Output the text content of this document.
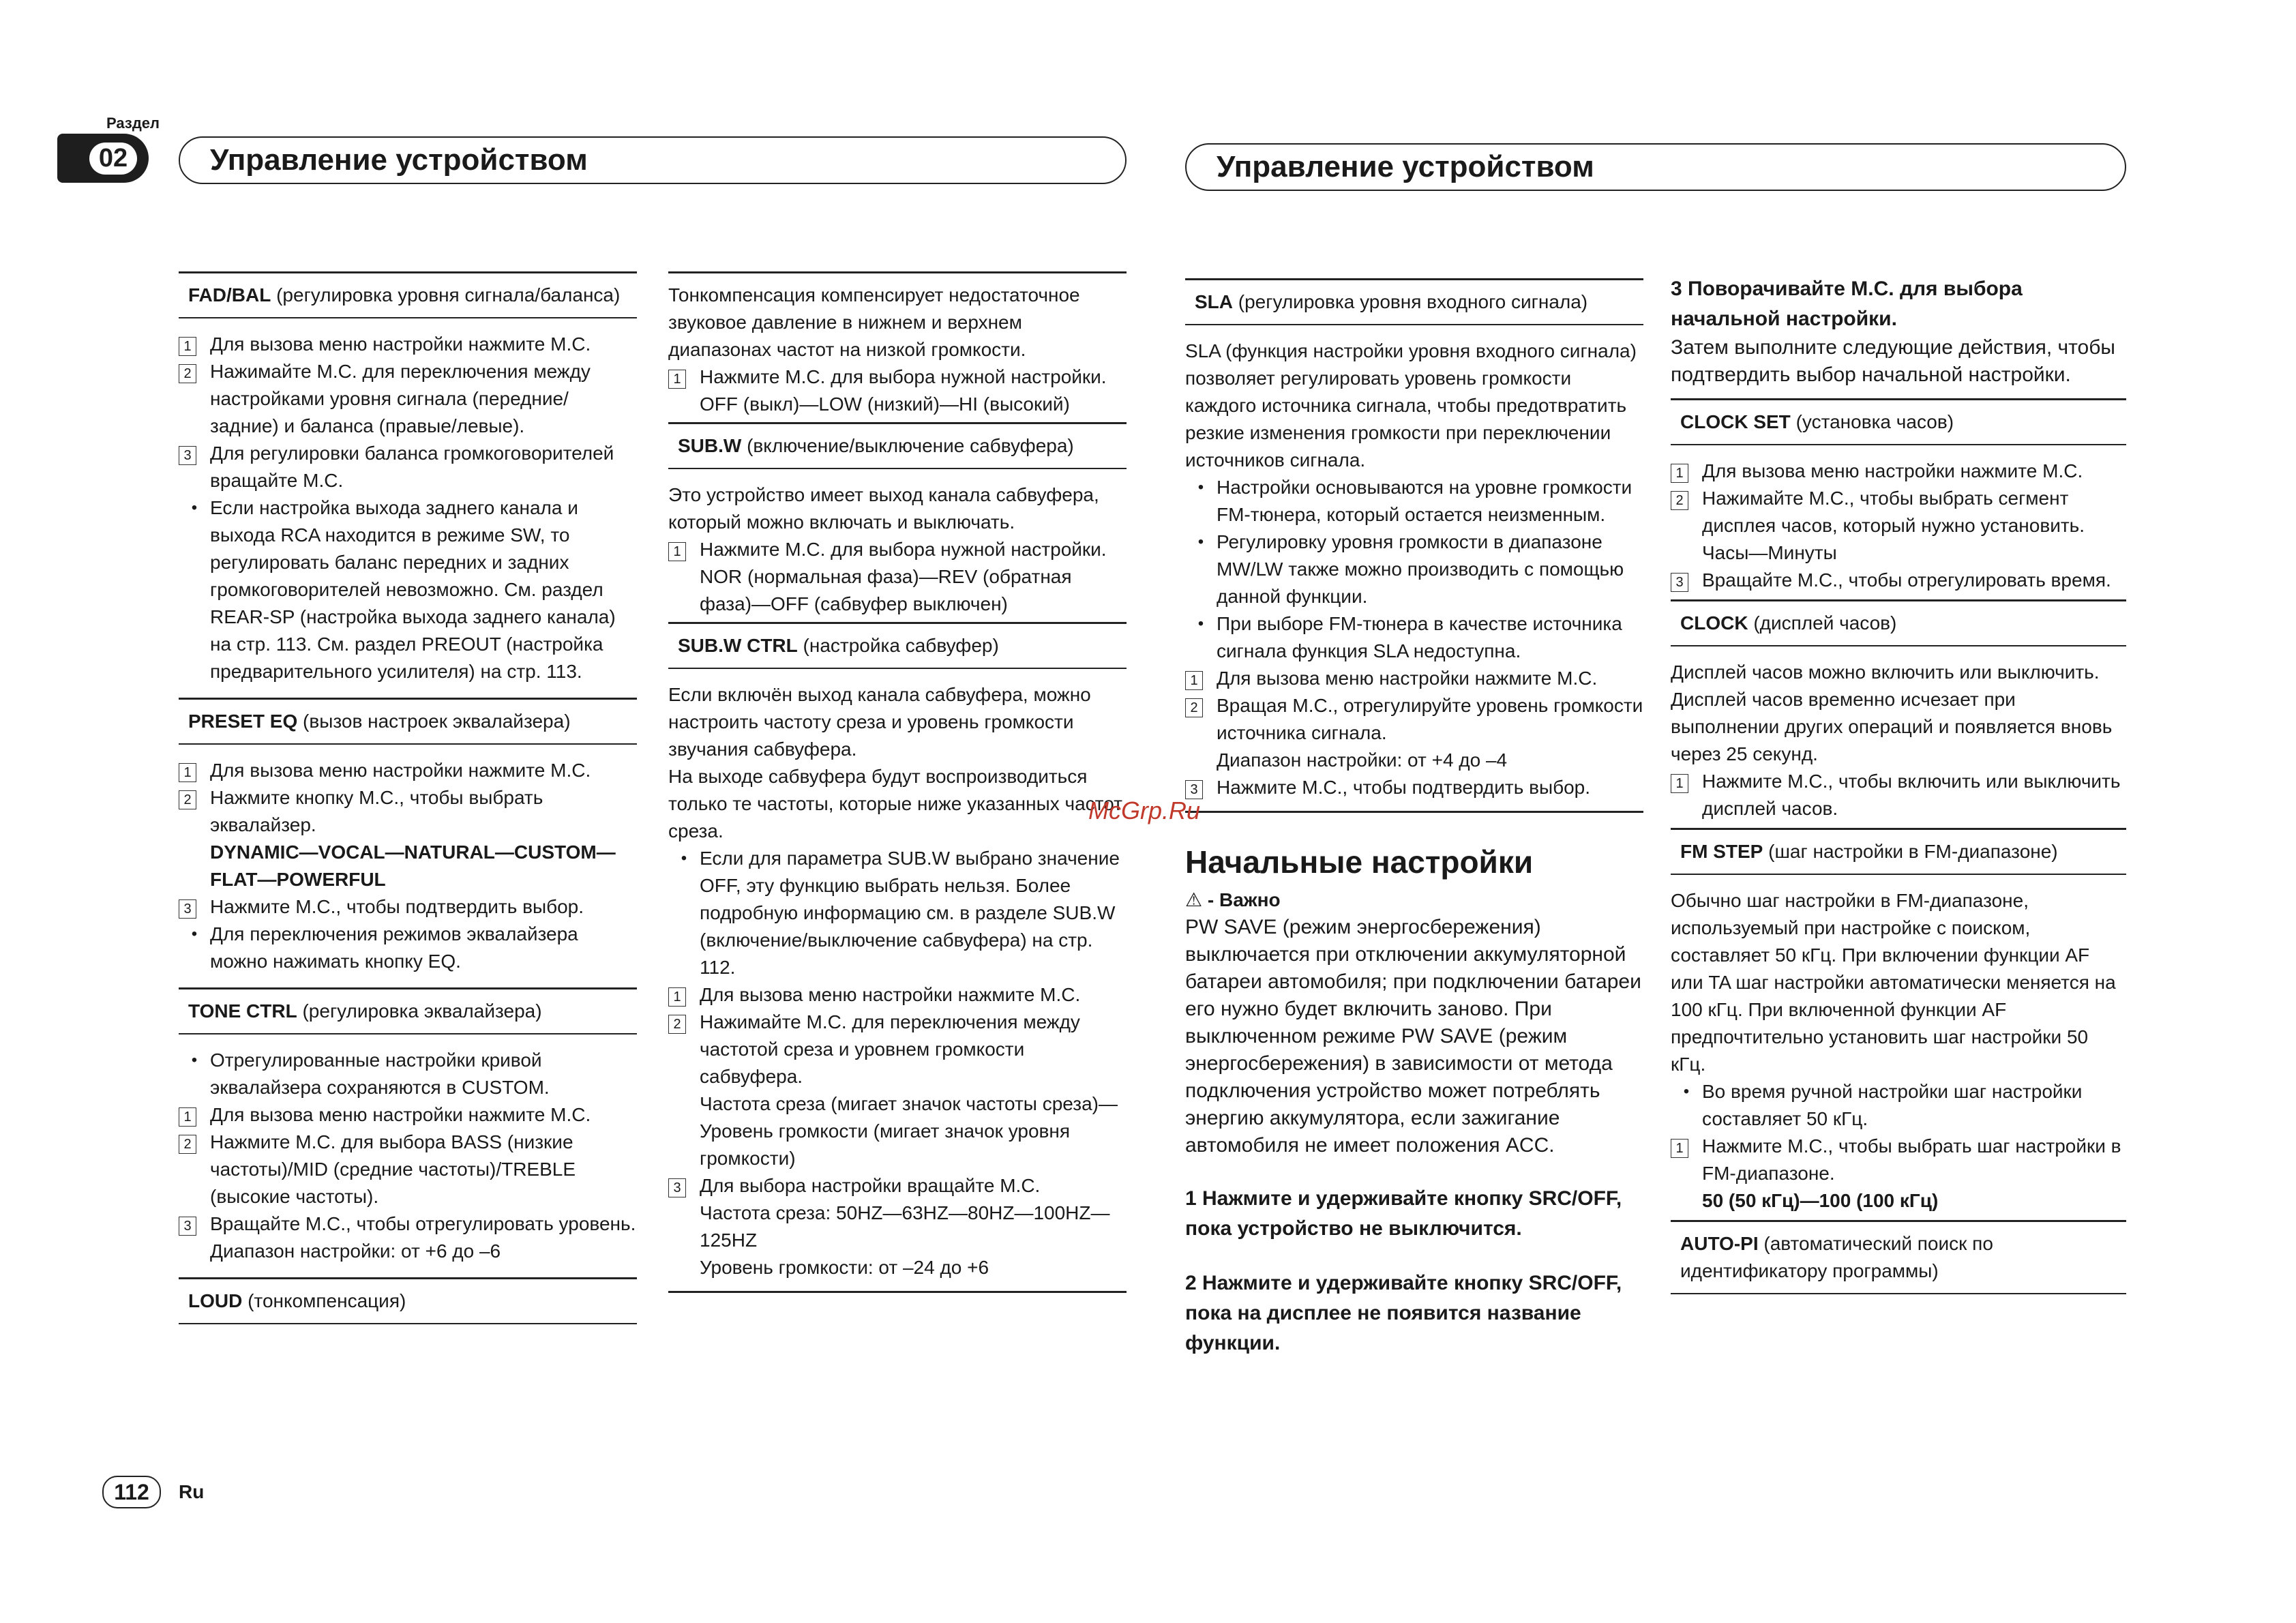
Раздел
02	Управление устройством	Управление устройством
FAD/BAL (регулировка уровня сигнала/баланса)
1 Для вызова меню настройки нажмите M.C.

2 Нажимайте M.C. для переключения между настройками уровня сигнала (передние/задние) и баланса (правые/левые).

3 Для регулировки баланса громкоговорителей вращайте M.C.

• Если настройка выхода заднего канала и выхода RCA находится в режиме SW, то регулировать баланс передних и задних громкоговорителей невозможно. См. раздел REAR-SP (настройка выхода заднего канала) на стр. 113. См. раздел PREOUT (настройка предварительного усилителя) на стр. 113.

PRESET EQ (вызов настроек эквалайзера)
1 Для вызова меню настройки нажмите M.C.

2 Нажмите кнопку M.C., чтобы выбрать эквалайзер.

DYNAMIC—VOCAL—NATURAL—CUSTOM—FLAT—POWERFUL

3 Нажмите M.C., чтобы подтвердить выбор.

• Для переключения режимов эквалайзера можно нажимать кнопку EQ.

TONE CTRL (регулировка эквалайзера)
• Отрегулированные настройки кривой эквалайзера сохраняются в CUSTOM.

1 Для вызова меню настройки нажмите M.C.

2 Нажмите M.C. для выбора BASS (низкие частоты)/MID (средние частоты)/TREBLE (высокие частоты).

3 Вращайте M.C., чтобы отрегулировать уровень.

Диапазон настройки: от +6 до –6

LOUD (тонкомпенсация)

Тонкомпенсация компенсирует недостаточное звуковое давление в нижнем и верхнем диапазонах частот на низкой громкости.

1 Нажмите M.C. для выбора нужной настройки.

OFF (выкл)—LOW (низкий)—HI (высокий)

SUB.W (включение/выключение сабвуфера)

Это устройство имеет выход канала сабвуфера, который можно включать и выключать.

1 Нажмите M.C. для выбора нужной настройки.

NOR (нормальная фаза)—REV (обратная фаза)—OFF (сабвуфер выключен)

SUB.W CTRL (настройка сабвуфер)

Если включён выход канала сабвуфера, можно настроить частоту среза и уровень громкости звучания сабвуфера.

На выходе сабвуфера будут воспроизводиться только те частоты, которые ниже указанных частот среза.

• Если для параметра SUB.W выбрано значение OFF, эту функцию выбрать нельзя. Более подробную информацию см. в разделе SUB.W (включение/выключение сабвуфера) на стр. 112.

1 Для вызова меню настройки нажмите M.C.

2 Нажимайте M.C. для переключения между частотой среза и уровнем громкости сабвуфера.

Частота среза (мигает значок частоты среза)—Уровень громкости (мигает значок уровня громкости)

3 Для выбора настройки вращайте M.C.

Частота среза: 50HZ—63HZ—80HZ—100HZ—125HZ

Уровень громкости: от –24 до +6

SLA (регулировка уровня входного сигнала)

SLA (функция настройки уровня входного сигнала) позволяет регулировать уровень громкости каждого источника сигнала, чтобы предотвратить резкие изменения громкости при переключении источников сигнала.

• Настройки основываются на уровне громкости FM-тюнера, который остается неизменным.

• Регулировку уровня громкости в диапазоне MW/LW также можно производить с помощью данной функции.

• При выборе FM-тюнера в качестве источника сигнала функция SLA недоступна.

1 Для вызова меню настройки нажмите M.C.

2 Вращая M.C., отрегулируйте уровень громкости источника сигнала.

Диапазон настройки: от +4 до –4

3 Нажмите M.C., чтобы подтвердить выбор.

Начальные настройки

⚠ - Важно

PW SAVE (режим энергосбережения) выключается при отключении аккумуляторной батареи автомобиля; при подключении батареи его нужно будет включить заново. При выключенном режиме PW SAVE (режим энергосбережения) в зависимости от метода подключения устройство может потреблять энергию аккумулятора, если зажигание автомобиля не имеет положения ACC.

1 Нажмите и удерживайте кнопку SRC/OFF, пока устройство не выключится.

2 Нажмите и удерживайте кнопку SRC/OFF, пока на дисплее не появится название функции.

3 Поворачивайте M.C. для выбора начальной настройки.

Затем выполните следующие действия, чтобы подтвердить выбор начальной настройки.

CLOCK SET (установка часов)
1 Для вызова меню настройки нажмите M.C.

2 Нажимайте M.C., чтобы выбрать сегмент дисплея часов, который нужно установить.

Часы—Минуты

3 Вращайте M.C., чтобы отрегулировать время.

CLOCK (дисплей часов)

Дисплей часов можно включить или выключить.

Дисплей часов временно исчезает при выполнении других операций и появляется вновь через 25 секунд.

1 Нажмите M.C., чтобы включить или выключить дисплей часов.

FM STEP (шаг настройки в FM-диапазоне)

Обычно шаг настройки в FM-диапазоне, используемый при настройке с поиском, составляет 50 кГц. При включении функции AF или TA шаг настройки автоматически меняется на 100 кГц. При включенной функции AF предпочтительно установить шаг настройки 50 кГц.

• Во время ручной настройки шаг настройки составляет 50 кГц.

1 Нажмите M.C., чтобы выбрать шаг настройки в FM-диапазоне.

50 (50 кГц)—100 (100 кГц)

AUTO-PI (автоматический поиск по идентификатору программы)
McGrp.Ru
112	Ru
